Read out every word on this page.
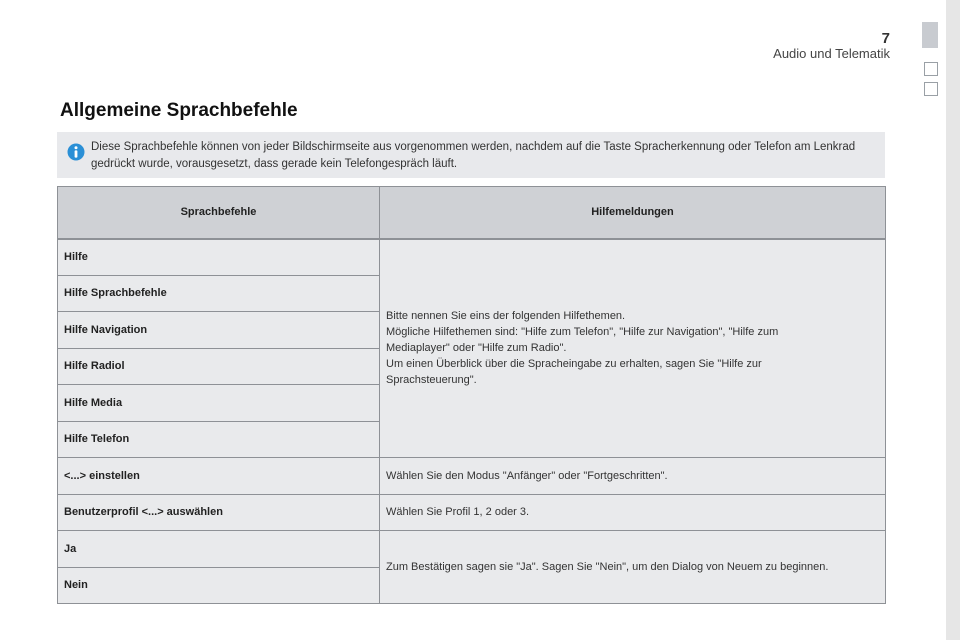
7
Audio und Telematik
Allgemeine Sprachbefehle
Diese Sprachbefehle können von jeder Bildschirmseite aus vorgenommen werden, nachdem auf die Taste Spracherkennung oder Telefon am Lenkrad gedrückt wurde, vorausgesetzt, dass gerade kein Telefongespräch läuft.
Sprachbefehle	Hilfemeldungen
Hilfe	Bitte nennen Sie eins der folgenden Hilfethemen.
Mögliche Hilfethemen sind: "Hilfe zum Telefon", "Hilfe zur Navigation", "Hilfe zum
Mediaplayer" oder "Hilfe zum Radio".
Um einen Überblick über die Spracheingabe zu erhalten, sagen Sie "Hilfe zur
Sprachsteuerung".

Hilfe Sprachbefehle	
Hilfe Navigation	
Hilfe Radiol	
Hilfe Media	
Hilfe Telefon	
<...> einstellen	Wählen Sie den Modus "Anfänger" oder "Fortgeschritten".
Benutzerprofil <...> auswählen	Wählen Sie Profil 1, 2 oder 3.
Ja	Zum Bestätigen sagen sie "Ja". Sagen Sie "Nein", um den Dialog von Neuem zu beginnen.
Nein	
